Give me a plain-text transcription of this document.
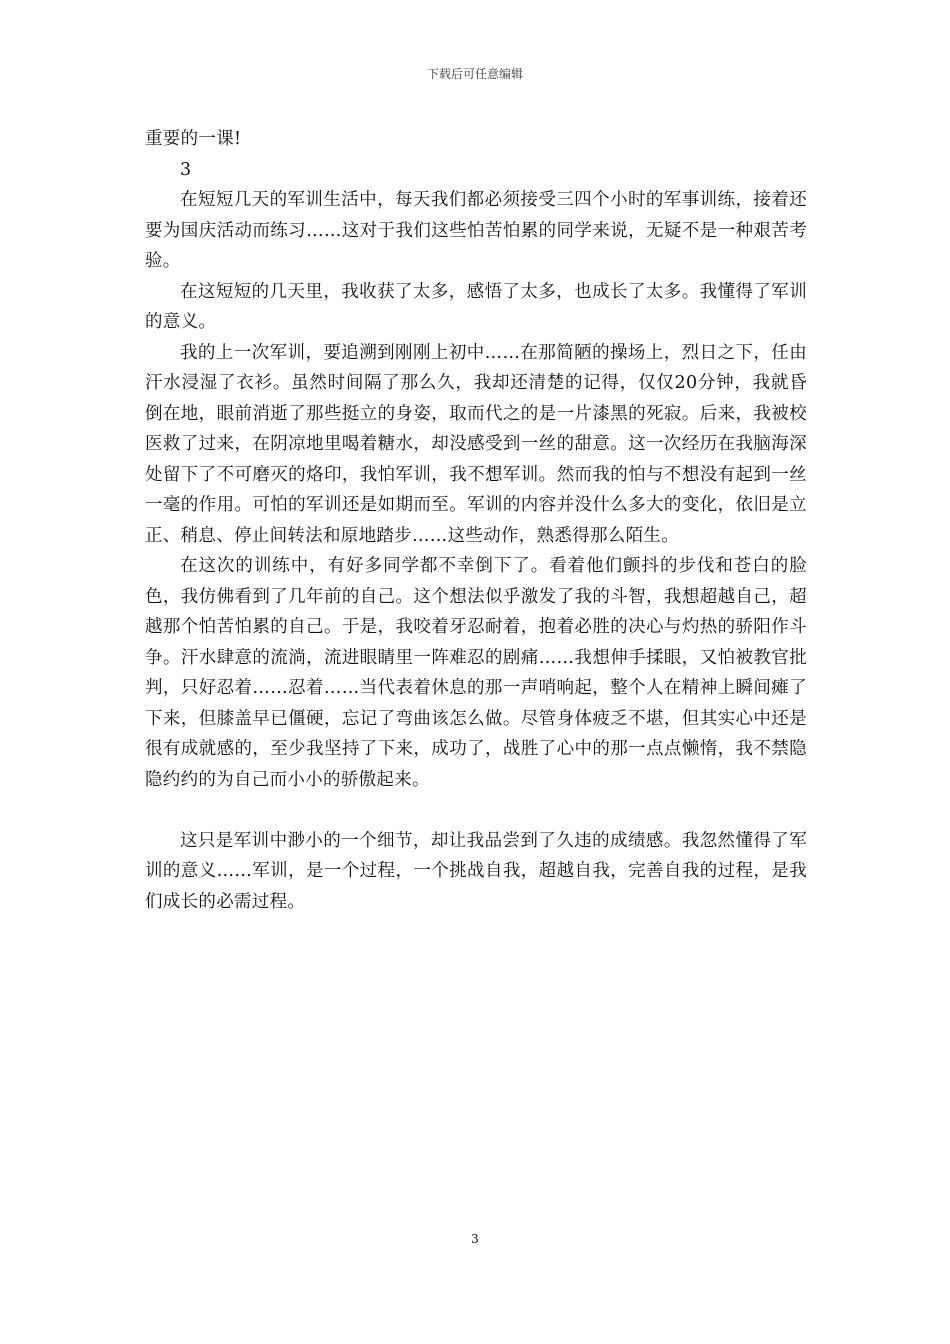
下载后可任意编辑

重要的一课!

3

在短短几天的军训生活中，每天我们都必须接受三四个小时的军事训练，接着还要为国庆活动而练习……这对于我们这些怕苦怕累的同学来说，无疑不是一种艰苦考验。

在这短短的几天里，我收获了太多，感悟了太多，也成长了太多。我懂得了军训的意义。

我的上一次军训，要追溯到刚刚上初中……在那简陋的操场上，烈日之下，任由汗水浸湿了衣衫。虽然时间隔了那么久，我却还清楚的记得，仅仅20分钟，我就昏倒在地，眼前消逝了那些挺立的身姿，取而代之的是一片漆黑的死寂。后来，我被校医救了过来，在阴凉地里喝着糖水，却没感受到一丝的甜意。这一次经历在我脑海深处留下了不可磨灭的烙印，我怕军训，我不想军训。然而我的怕与不想没有起到一丝一毫的作用。可怕的军训还是如期而至。军训的内容并没什么多大的变化，依旧是立正、稍息、停止间转法和原地踏步……这些动作，熟悉得那么陌生。

在这次的训练中，有好多同学都不幸倒下了。看着他们颤抖的步伐和苍白的脸色，我仿佛看到了几年前的自己。这个想法似乎激发了我的斗智，我想超越自己，超越那个怕苦怕累的自己。于是，我咬着牙忍耐着，抱着必胜的决心与灼热的骄阳作斗争。汗水肆意的流淌，流进眼睛里一阵难忍的剧痛……我想伸手揉眼，又怕被教官批判，只好忍着……忍着……当代表着休息的那一声哨响起，整个人在精神上瞬间瘫了下来，但膝盖早已僵硬，忘记了弯曲该怎么做。尽管身体疲乏不堪，但其实心中还是很有成就感的，至少我坚持了下来，成功了，战胜了心中的那一点点懒惰，我不禁隐隐约约的为自己而小小的骄傲起来。

这只是军训中渺小的一个细节，却让我品尝到了久违的成绩感。我忽然懂得了军训的意义……军训，是一个过程，一个挑战自我，超越自我，完善自我的过程，是我们成长的必需过程。

3
